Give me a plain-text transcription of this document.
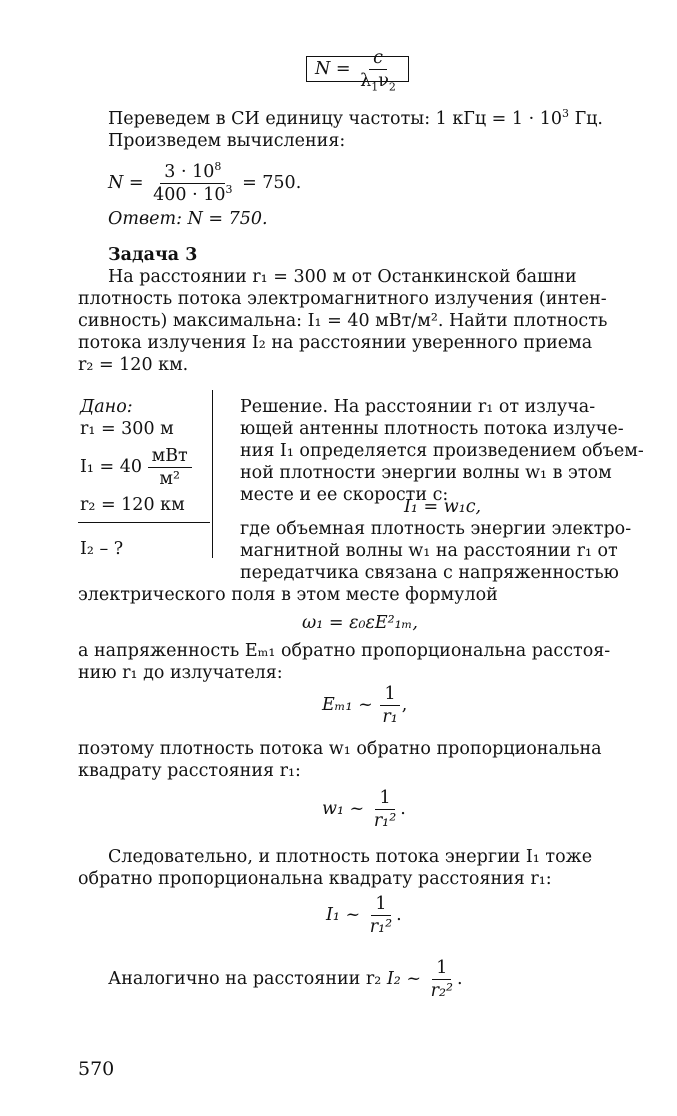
$N = \frac{c}{\lambda_1\nu_2}$
Переведем в СИ единицу частоты: 1 кГц = $1 \cdot 10^3$ Гц.
Произведем вычисления:
$N = \frac{3 \cdot 10^8}{400 \cdot 10^3} = 750$.
Ответ: N = 750.
Задача 3
На расстоянии r₁ = 300 м от Останкинской башни
плотность потока электромагнитного излучения (интен-
сивность) максимальна: I₁ = 40 мВт/м². Найти плотность
потока излучения I₂ на расстоянии уверенного приема
r₂ = 120 км.
Дано:
r₁ = 300 м
$I_1 = 40 \frac{\text{мВт}}{\text{м²}}$
r₂ = 120 км
I₂ – ?
Решение. На расстоянии r₁ от излуча-
ющей антенны плотность потока излуче-
ния I₁ определяется произведением объем-
ной плотности энергии волны w₁ в этом
месте и ее скорости c:
I₁ = w₁c,
где объемная плотность энергии электро-
магнитной волны w₁ на расстоянии r₁ от
передатчика связана с напряженностью
электрического поля в этом месте формулой
ω₁ = ε₀εE²₁ₘ,
а напряженность Eₘ₁ обратно пропорциональна расстоя-
нию r₁ до излучателя:
Eₘ₁ ~ $\frac{1}{\text{r₁}}$ ,
поэтому плотность потока w₁ обратно пропорциональна
квадрату расстояния r₁:
w₁ ~ $\frac{1}{\text{r₁²}}$ .
Следовательно, и плотность потока энергии I₁ тоже
обратно пропорциональна квадрату расстояния r₁:
I₁ ~ $\frac{1}{\text{r₁²}}$ .
Аналогично на расстоянии r₂ I₂ ~ $\frac{1}{\text{r₂²}}$ .
570
